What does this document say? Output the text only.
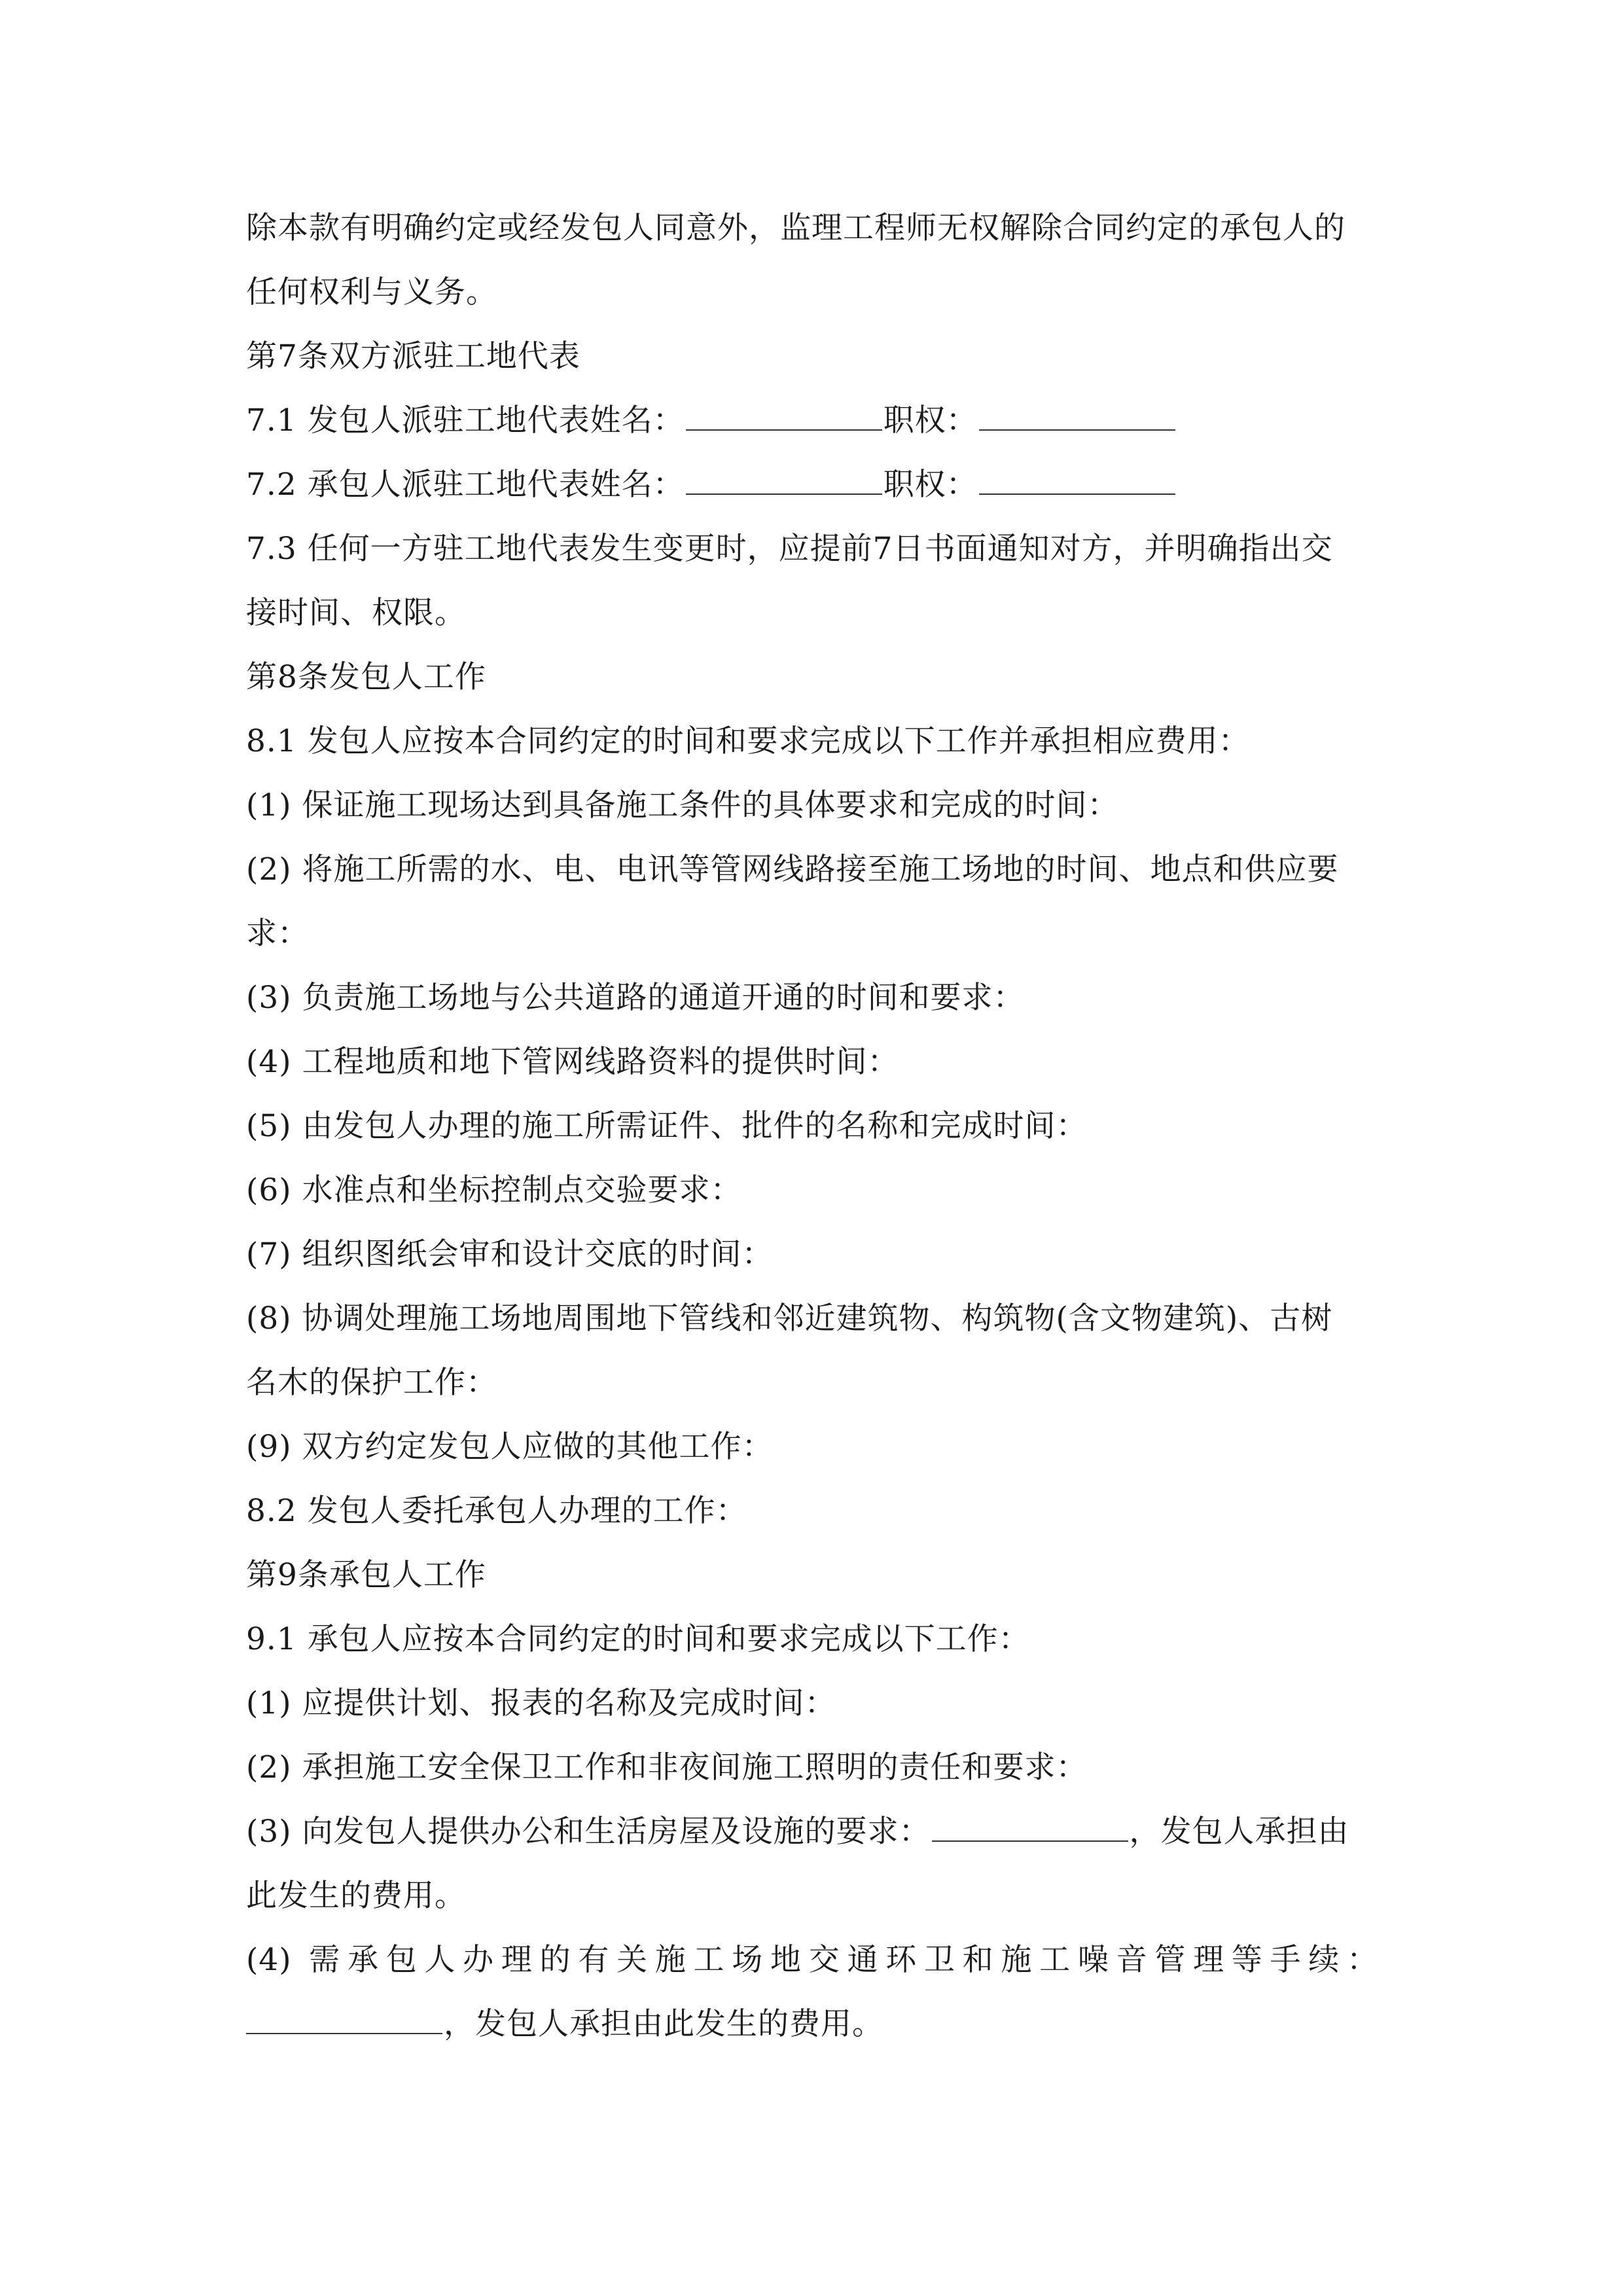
除本款有明确约定或经发包人同意外，监理工程师无权解除合同约定的承包人的
任何权利与义务。
第7条双方派驻工地代表
7.1 发包人派驻工地代表姓名：	职权：
7.2 承包人派驻工地代表姓名：	职权：
7.3 任何一方驻工地代表发生变更时，应提前7日书面通知对方，并明确指出交
接时间、权限。
第8条发包人工作
8.1 发包人应按本合同约定的时间和要求完成以下工作并承担相应费用：
(1) 保证施工现场达到具备施工条件的具体要求和完成的时间：
(2) 将施工所需的水、电、电讯等管网线路接至施工场地的时间、地点和供应要
求：
(3) 负责施工场地与公共道路的通道开通的时间和要求：
(4) 工程地质和地下管网线路资料的提供时间：
(5) 由发包人办理的施工所需证件、批件的名称和完成时间：
(6) 水准点和坐标控制点交验要求：
(7) 组织图纸会审和设计交底的时间：
(8) 协调处理施工场地周围地下管线和邻近建筑物、构筑物(含文物建筑)、古树
名木的保护工作：
(9) 双方约定发包人应做的其他工作：
8.2 发包人委托承包人办理的工作：
第9条承包人工作
9.1 承包人应按本合同约定的时间和要求完成以下工作：
(1) 应提供计划、报表的名称及完成时间：
(2) 承担施工安全保卫工作和非夜间施工照明的责任和要求：
(3) 向发包人提供办公和生活房屋及设施的要求：	，发包人承担由
此发生的费用。
(4) 需承包人办理的有关施工场地交通环卫和施工噪音管理等手续：
，发包人承担由此发生的费用。
